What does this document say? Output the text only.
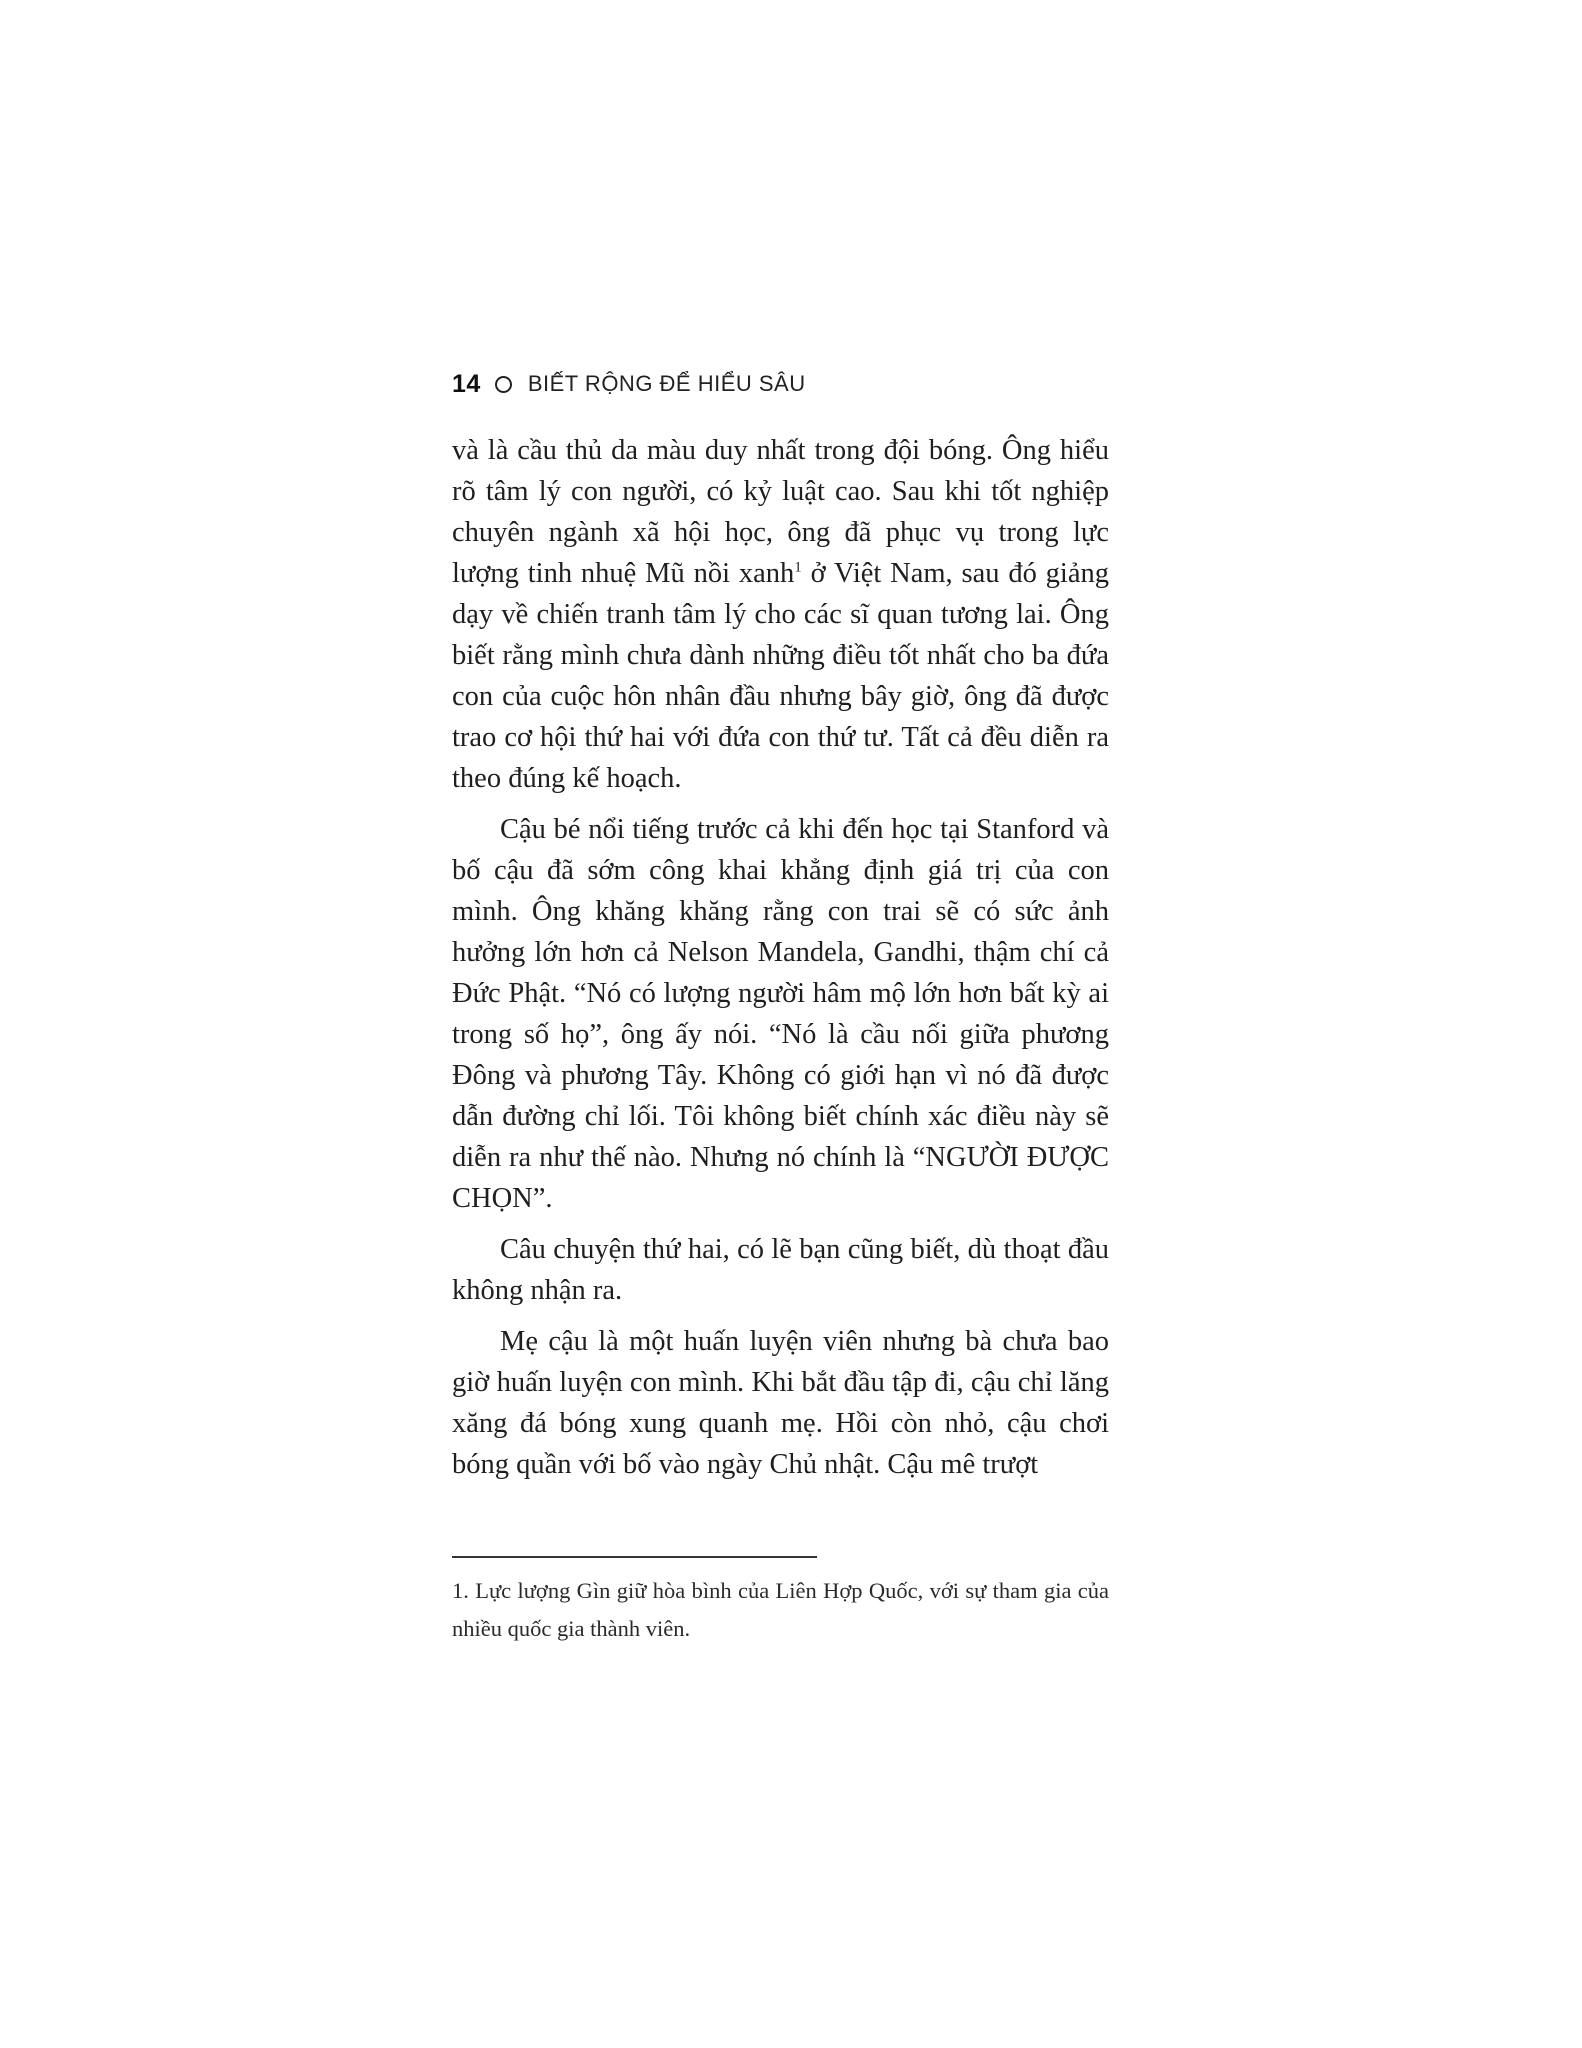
14 BIẾT RỘNG ĐỂ HIỂU SÂU

và là cầu thủ da màu duy nhất trong đội bóng. Ông hiểu rõ tâm lý con người, có kỷ luật cao. Sau khi tốt nghiệp chuyên ngành xã hội học, ông đã phục vụ trong lực lượng tinh nhuệ Mũ nồi xanh$^1$ ở Việt Nam, sau đó giảng dạy về chiến tranh tâm lý cho các sĩ quan tương lai. Ông biết rằng mình chưa dành những điều tốt nhất cho ba đứa con của cuộc hôn nhân đầu nhưng bây giờ, ông đã được trao cơ hội thứ hai với đứa con thứ tư. Tất cả đều diễn ra theo đúng kế hoạch.

Cậu bé nổi tiếng trước cả khi đến học tại Stanford và bố cậu đã sớm công khai khẳng định giá trị của con mình. Ông khăng khăng rằng con trai sẽ có sức ảnh hưởng lớn hơn cả Nelson Mandela, Gandhi, thậm chí cả Đức Phật. “Nó có lượng người hâm mộ lớn hơn bất kỳ ai trong số họ”, ông ấy nói. “Nó là cầu nối giữa phương Đông và phương Tây. Không có giới hạn vì nó đã được dẫn đường chỉ lối. Tôi không biết chính xác điều này sẽ diễn ra như thế nào. Nhưng nó chính là “NGƯỜI ĐƯỢC CHỌN”.

Câu chuyện thứ hai, có lẽ bạn cũng biết, dù thoạt đầu không nhận ra.

Mẹ cậu là một huấn luyện viên nhưng bà chưa bao giờ huấn luyện con mình. Khi bắt đầu tập đi, cậu chỉ lăng xăng đá bóng xung quanh mẹ. Hồi còn nhỏ, cậu chơi bóng quần với bố vào ngày Chủ nhật. Cậu mê trượt

1. Lực lượng Gìn giữ hòa bình của Liên Hợp Quốc, với sự tham gia của nhiều quốc gia thành viên.
